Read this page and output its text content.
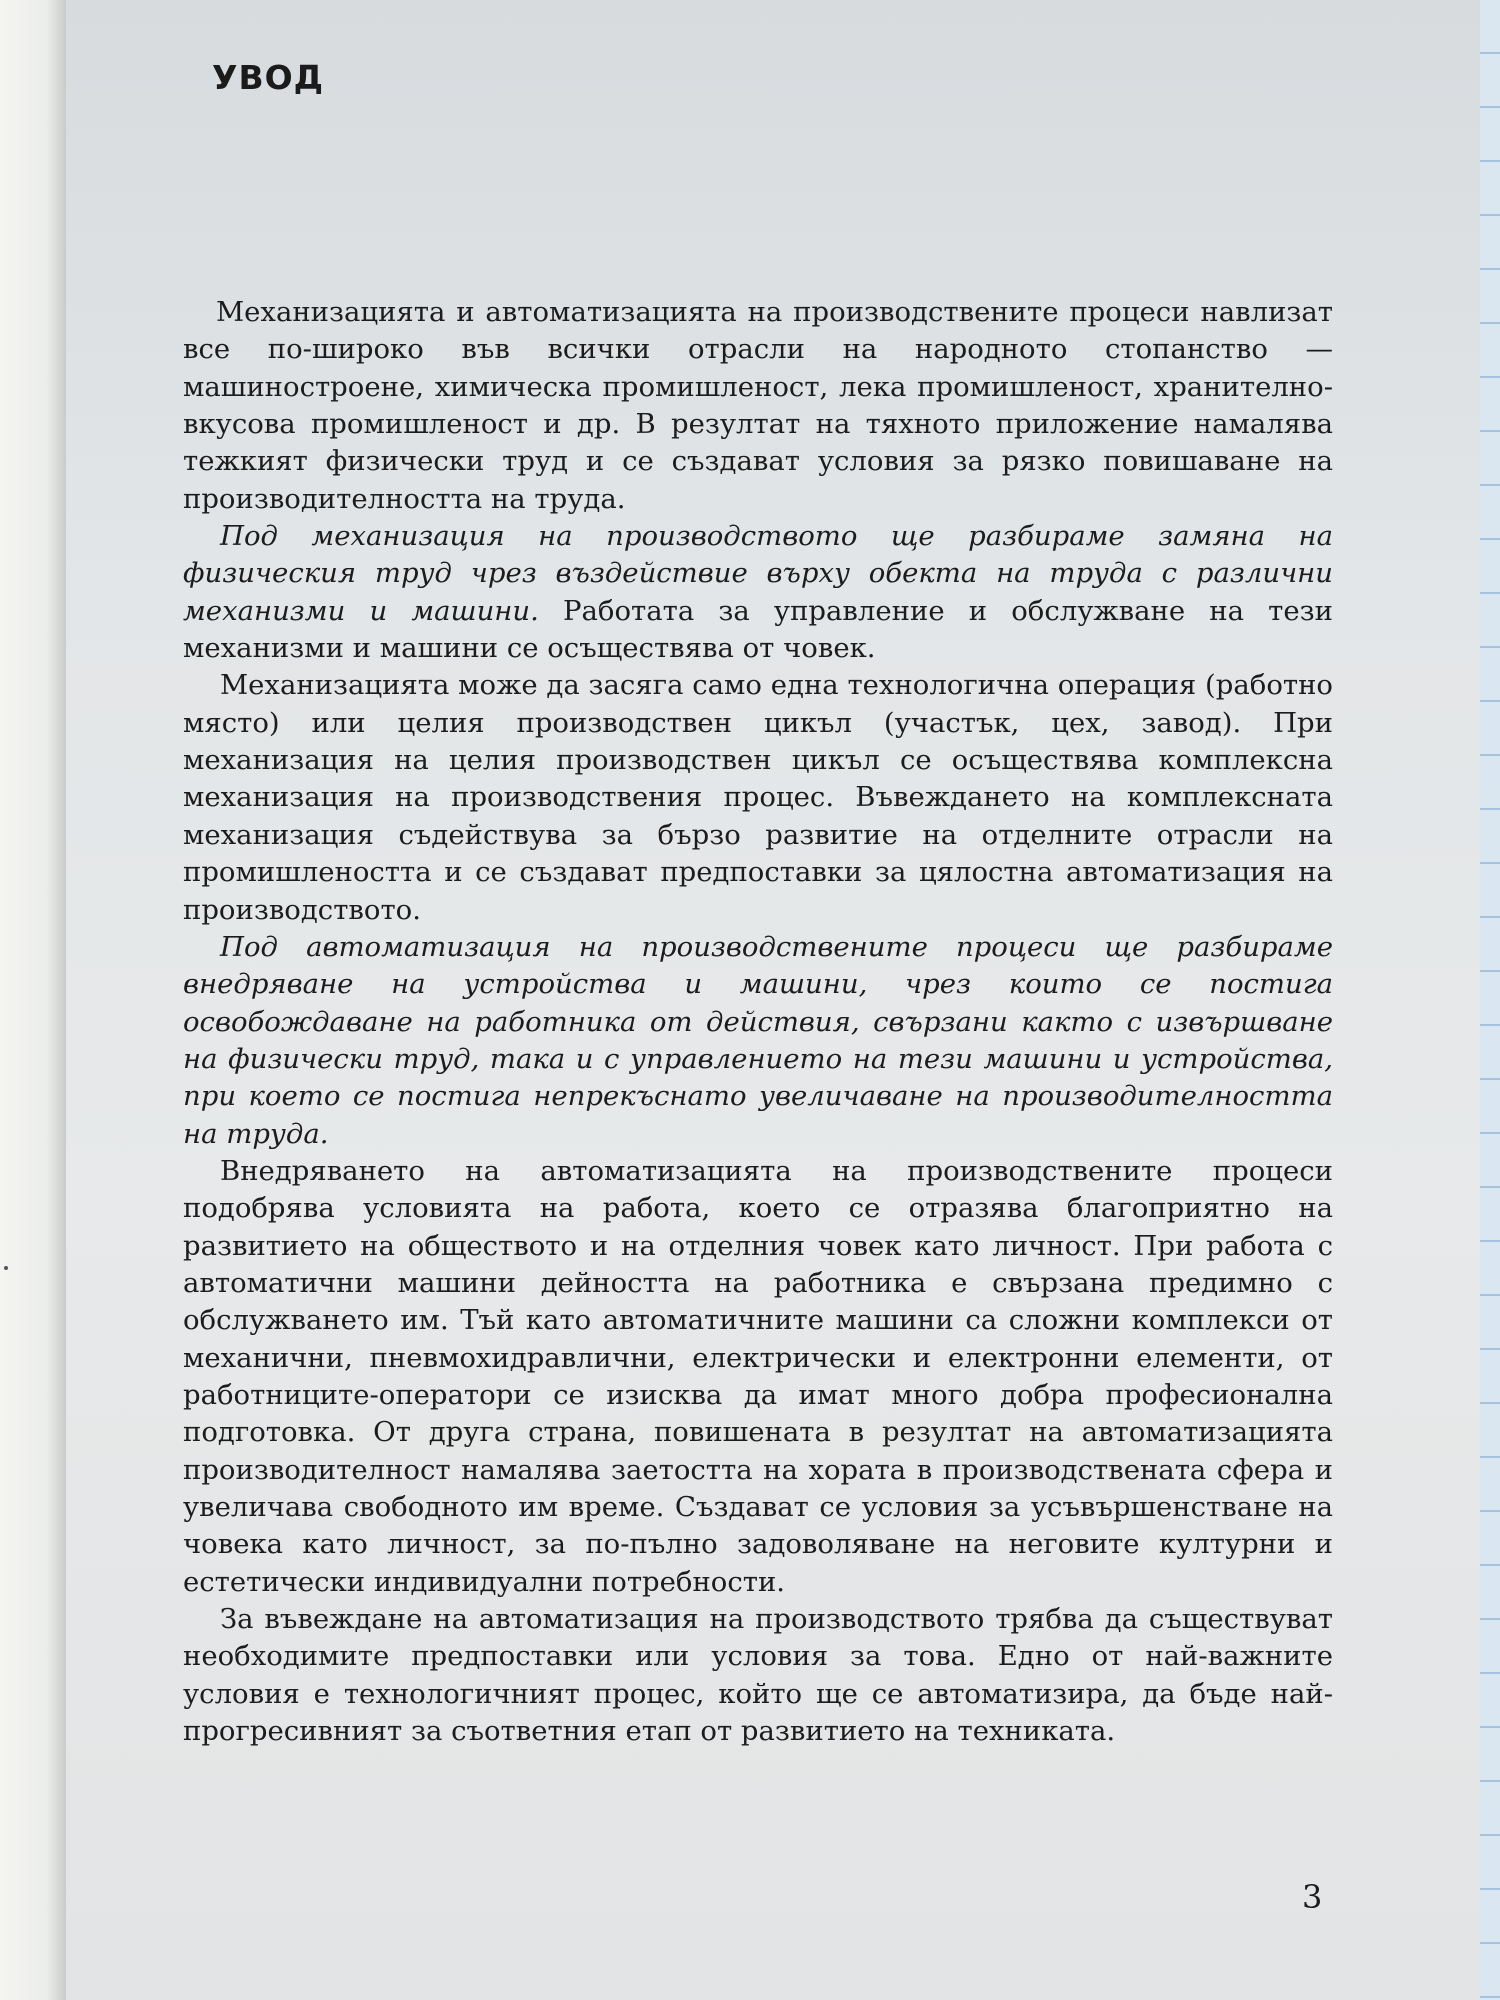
УВОД

Механизацията и автоматизацията на производствените процеси навлизат все по-широко във всички отрасли на народното стопанство — машиностроене, химическа промишленост, лека промишленост, хранително-вкусова промишленост и др. В резултат на тяхното приложение намалява тежкият физически труд и се създават условия за рязко повишаване на производителността на труда.

Под механизация на производството ще разбираме замяна на физическия труд чрез въздействие върху обекта на труда с различни механизми и машини. Работата за управление и обслужване на тези механизми и машини се осъществява от човек.

Механизацията може да засяга само една технологична операция (работно място) или целия производствен цикъл (участък, цех, завод). При механизация на целия производствен цикъл се осъществява комплексна механизация на производствения процес. Въвеждането на комплексната механизация съдействува за бързо развитие на отделните отрасли на промишлеността и се създават предпоставки за цялостна автоматизация на производството.

Под автоматизация на производствените процеси ще разбираме внедряване на устройства и машини, чрез които се постига освобождаване на работника от действия, свързани както с извършване на физически труд, така и с управлението на тези машини и устройства, при което се постига непрекъснато увеличаване на производителността на труда.

Внедряването на автоматизацията на производствените процеси подобрява условията на работа, което се отразява благоприятно на развитието на обществото и на отделния човек като личност. При работа с автоматични машини дейността на работника е свързана предимно с обслужването им. Тъй като автоматичните машини са сложни комплекси от механични, пневмохидравлични, електрически и електронни елементи, от работниците-оператори се изисква да имат много добра професионална подготовка. От друга страна, повишената в резултат на автоматизацията производителност намалява заетостта на хората в производствената сфера и увеличава свободното им време. Създават се условия за усъвършенстване на човека като личност, за по-пълно задоволяване на неговите културни и естетически индивидуални потребности.

За въвеждане на автоматизация на производството трябва да съществуват необходимите предпоставки или условия за това. Едно от най-важните условия е технологичният процес, който ще се автоматизира, да бъде най-прогресивният за съответния етап от развитието на техниката.

3
